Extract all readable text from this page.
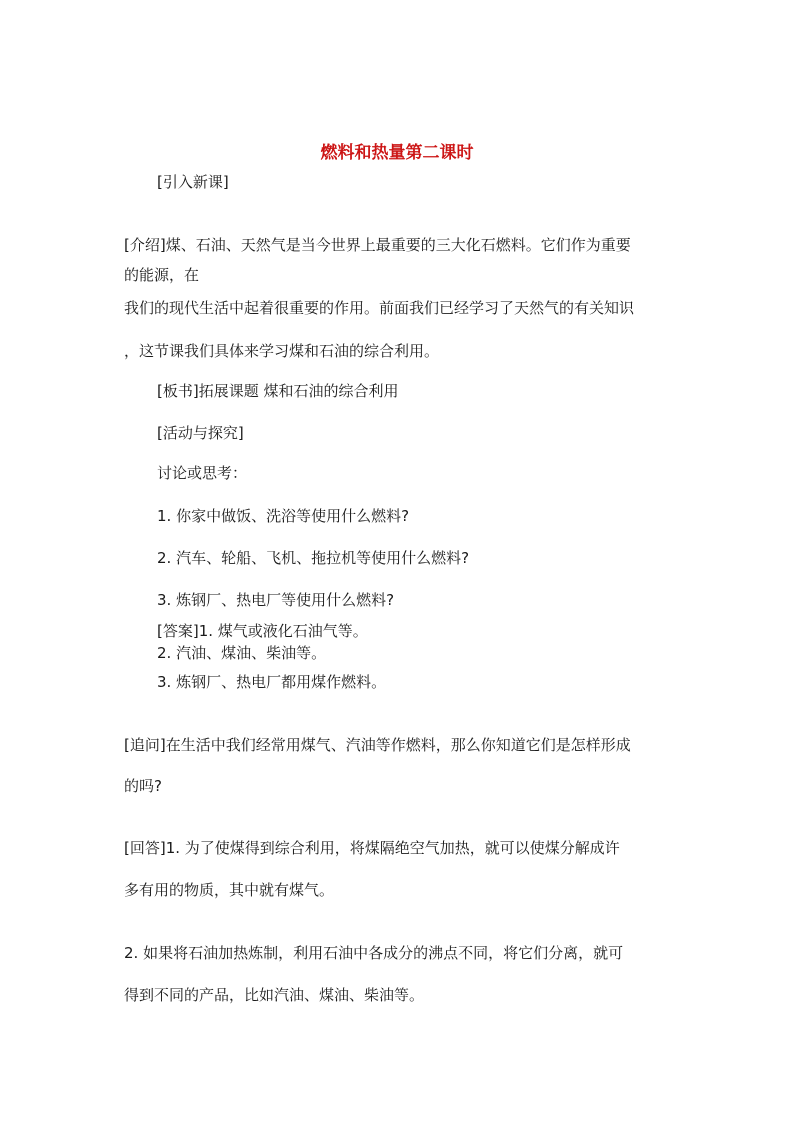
燃料和热量第二课时

[引入新课]

[介绍]煤、石油、天然气是当今世界上最重要的三大化石燃料。它们作为重要

的能源，在

我们的现代生活中起着很重要的作用。前面我们已经学习了天然气的有关知识

，这节课我们具体来学习煤和石油的综合利用。

[板书]拓展课题 煤和石油的综合利用

[活动与探究]

讨论或思考：

1. 你家中做饭、洗浴等使用什么燃料?

2. 汽车、轮船、飞机、拖拉机等使用什么燃料?

3. 炼钢厂、热电厂等使用什么燃料?

[答案]1. 煤气或液化石油气等。

2. 汽油、煤油、柴油等。

3. 炼钢厂、热电厂都用煤作燃料。

[追问]在生活中我们经常用煤气、汽油等作燃料，那么你知道它们是怎样形成

的吗?

[回答]1. 为了使煤得到综合利用，将煤隔绝空气加热，就可以使煤分解成许

多有用的物质，其中就有煤气。

2. 如果将石油加热炼制，利用石油中各成分的沸点不同，将它们分离，就可

得到不同的产品，比如汽油、煤油、柴油等。
